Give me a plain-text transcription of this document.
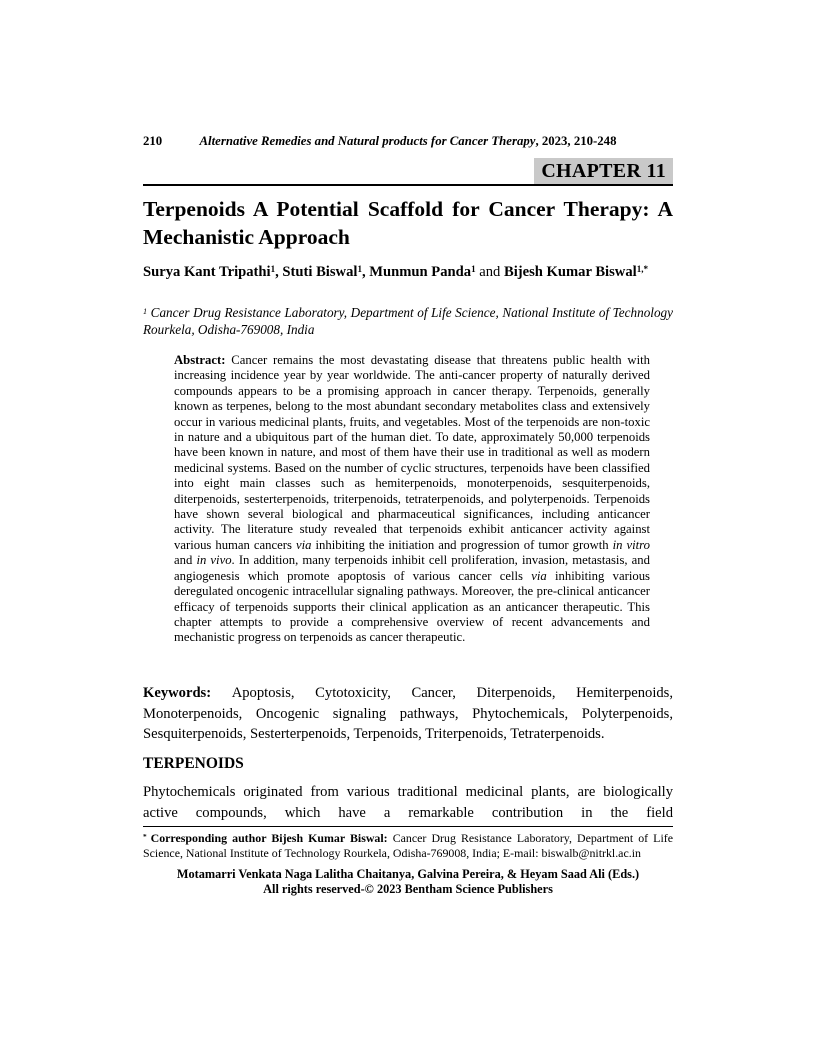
210	Alternative Remedies and Natural products for Cancer Therapy, 2023, 210-248
CHAPTER 11
Terpenoids A Potential Scaffold for Cancer Therapy: A Mechanistic Approach

Surya Kant Tripathi$^1$, Stuti Biswal$^1$, Munmun Panda$^1$ and Bijesh Kumar Biswal$^{1,*}$

$^1$ Cancer Drug Resistance Laboratory, Department of Life Science, National Institute of Technology Rourkela, Odisha-769008, India

Abstract: Cancer remains the most devastating disease that threatens public health with increasing incidence year by year worldwide. The anti-cancer property of naturally derived compounds appears to be a promising approach in cancer therapy. Terpenoids, generally known as terpenes, belong to the most abundant secondary metabolites class and extensively occur in various medicinal plants, fruits, and vegetables. Most of the terpenoids are non-toxic in nature and a ubiquitous part of the human diet. To date, approximately 50,000 terpenoids have been known in nature, and most of them have their use in traditional as well as modern medicinal systems. Based on the number of cyclic structures, terpenoids have been classified into eight main classes such as hemiterpenoids, monoterpenoids, sesquiterpenoids, diterpenoids, sesterterpenoids, triterpenoids, tetraterpenoids, and polyterpenoids. Terpenoids have shown several biological and pharmaceutical significances, including anticancer activity. The literature study revealed that terpenoids exhibit anticancer activity against various human cancers via inhibiting the initiation and progression of tumor growth in vitro and in vivo. In addition, many terpenoids inhibit cell proliferation, invasion, metastasis, and angiogenesis which promote apoptosis of various cancer cells via inhibiting various deregulated oncogenic intracellular signaling pathways. Moreover, the pre-clinical anticancer efficacy of terpenoids supports their clinical application as an anticancer therapeutic. This chapter attempts to provide a comprehensive overview of recent advancements and mechanistic progress on terpenoids as cancer therapeutic.

Keywords: Apoptosis, Cytotoxicity, Cancer, Diterpenoids, Hemiterpenoids, Monoterpenoids, Oncogenic signaling pathways, Phytochemicals, Polyterpenoids, Sesquiterpenoids, Sesterterpenoids, Terpenoids, Triterpenoids, Tetraterpenoids.

TERPENOIDS

Phytochemicals originated from various traditional medicinal plants, are biologically active compounds, which have a remarkable contribution in the field

* Corresponding author Bijesh Kumar Biswal: Cancer Drug Resistance Laboratory, Department of Life Science, National Institute of Technology Rourkela, Odisha-769008, India; E-mail: biswalb@nitrkl.ac.in

Motamarri Venkata Naga Lalitha Chaitanya, Galvina Pereira, & Heyam Saad Ali (Eds.)
All rights reserved-© 2023 Bentham Science Publishers
